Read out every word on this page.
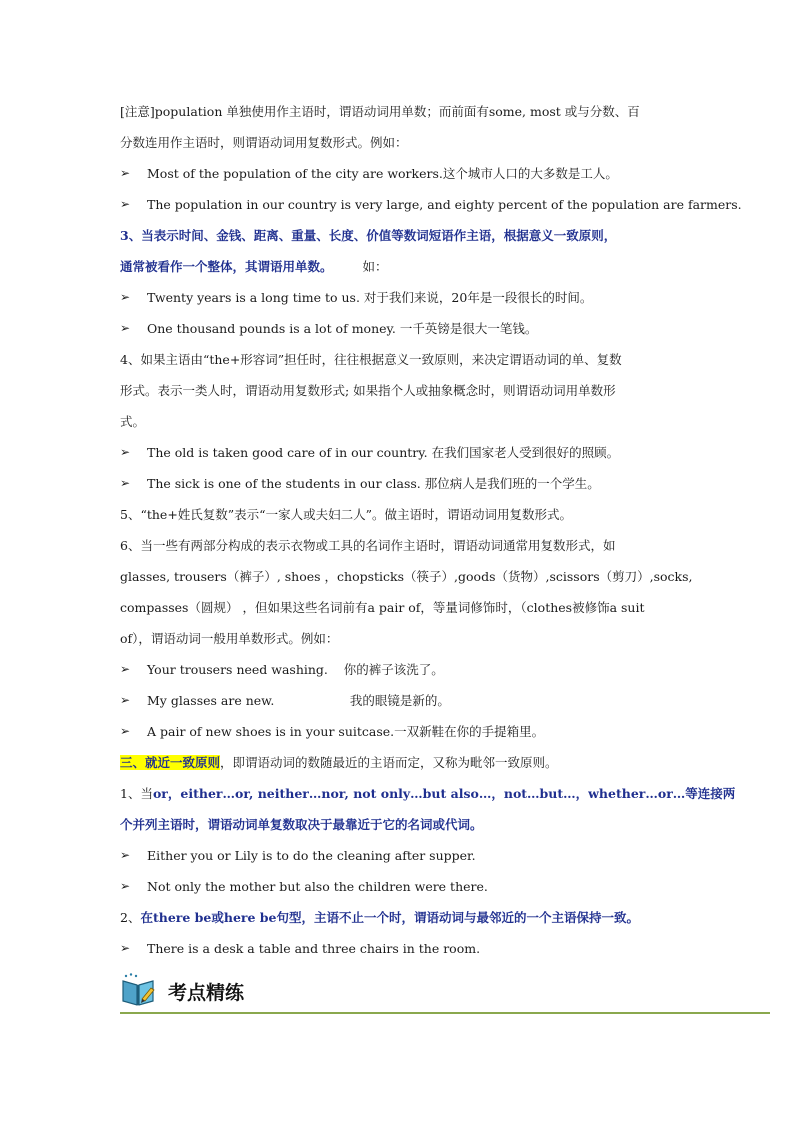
[注意]population 单独使用作主语时，谓语动词用单数；而前面有some, most 或与分数、百
分数连用作主语时，则谓语动词用复数形式。例如：
➢	Most of the population of the city are workers.这个城市人口的大多数是工人。
➢	The population in our country is very large, and eighty percent of the population are farmers.
3、当表示时间、金钱、距离、重量、长度、价值等数词短语作主语，根据意义一致原则，
通常被看作一个整体，其谓语用单数。 如：
➢	Twenty years is a long time to us. 对于我们来说，20年是一段很长的时间。
➢	One thousand pounds is a lot of money. 一千英镑是很大一笔钱。
4、如果主语由“the+形容词”担任时，往往根据意义一致原则，来决定谓语动词的单、复数
形式。表示一类人时，谓语动用复数形式; 如果指个人或抽象概念时，则谓语动词用单数形
式。
➢	The old is taken good care of in our country. 在我们国家老人受到很好的照顾。
➢	The sick is one of the students in our class. 那位病人是我们班的一个学生。
5、“the+姓氏复数”表示“一家人或夫妇二人”。做主语时，谓语动词用复数形式。
6、当一些有两部分构成的表示衣物或工具的名词作主语时，谓语动词通常用复数形式，如
glasses, trousers（裤子）, shoes ，chopsticks（筷子）,goods（货物）,scissors（剪刀）,socks,
compasses（圆规） ，但如果这些名词前有a pair of，等量词修饰时，（clothes被修饰a suit
of），谓语动词一般用单数形式。例如：
➢	Your trousers need washing.    你的裤子该洗了。
➢	My glasses are new.                   我的眼镜是新的。
➢	A pair of new shoes is in your suitcase.一双新鞋在你的手提箱里。
三、就近一致原则，即谓语动词的数随最近的主语而定，又称为毗邻一致原则。
1、当or，either…or, neither…nor, not only…but also…，not…but…，whether…or…等连接两
个并列主语时，谓语动词单复数取决于最靠近于它的名词或代词。
➢	Either you or Lily is to do the cleaning after supper.
➢	Not only the mother but also the children were there.
2、在there be或here be句型，主语不止一个时，谓语动词与最邻近的一个主语保持一致。
➢	There is a desk a table and three chairs in the room.
考点精练
